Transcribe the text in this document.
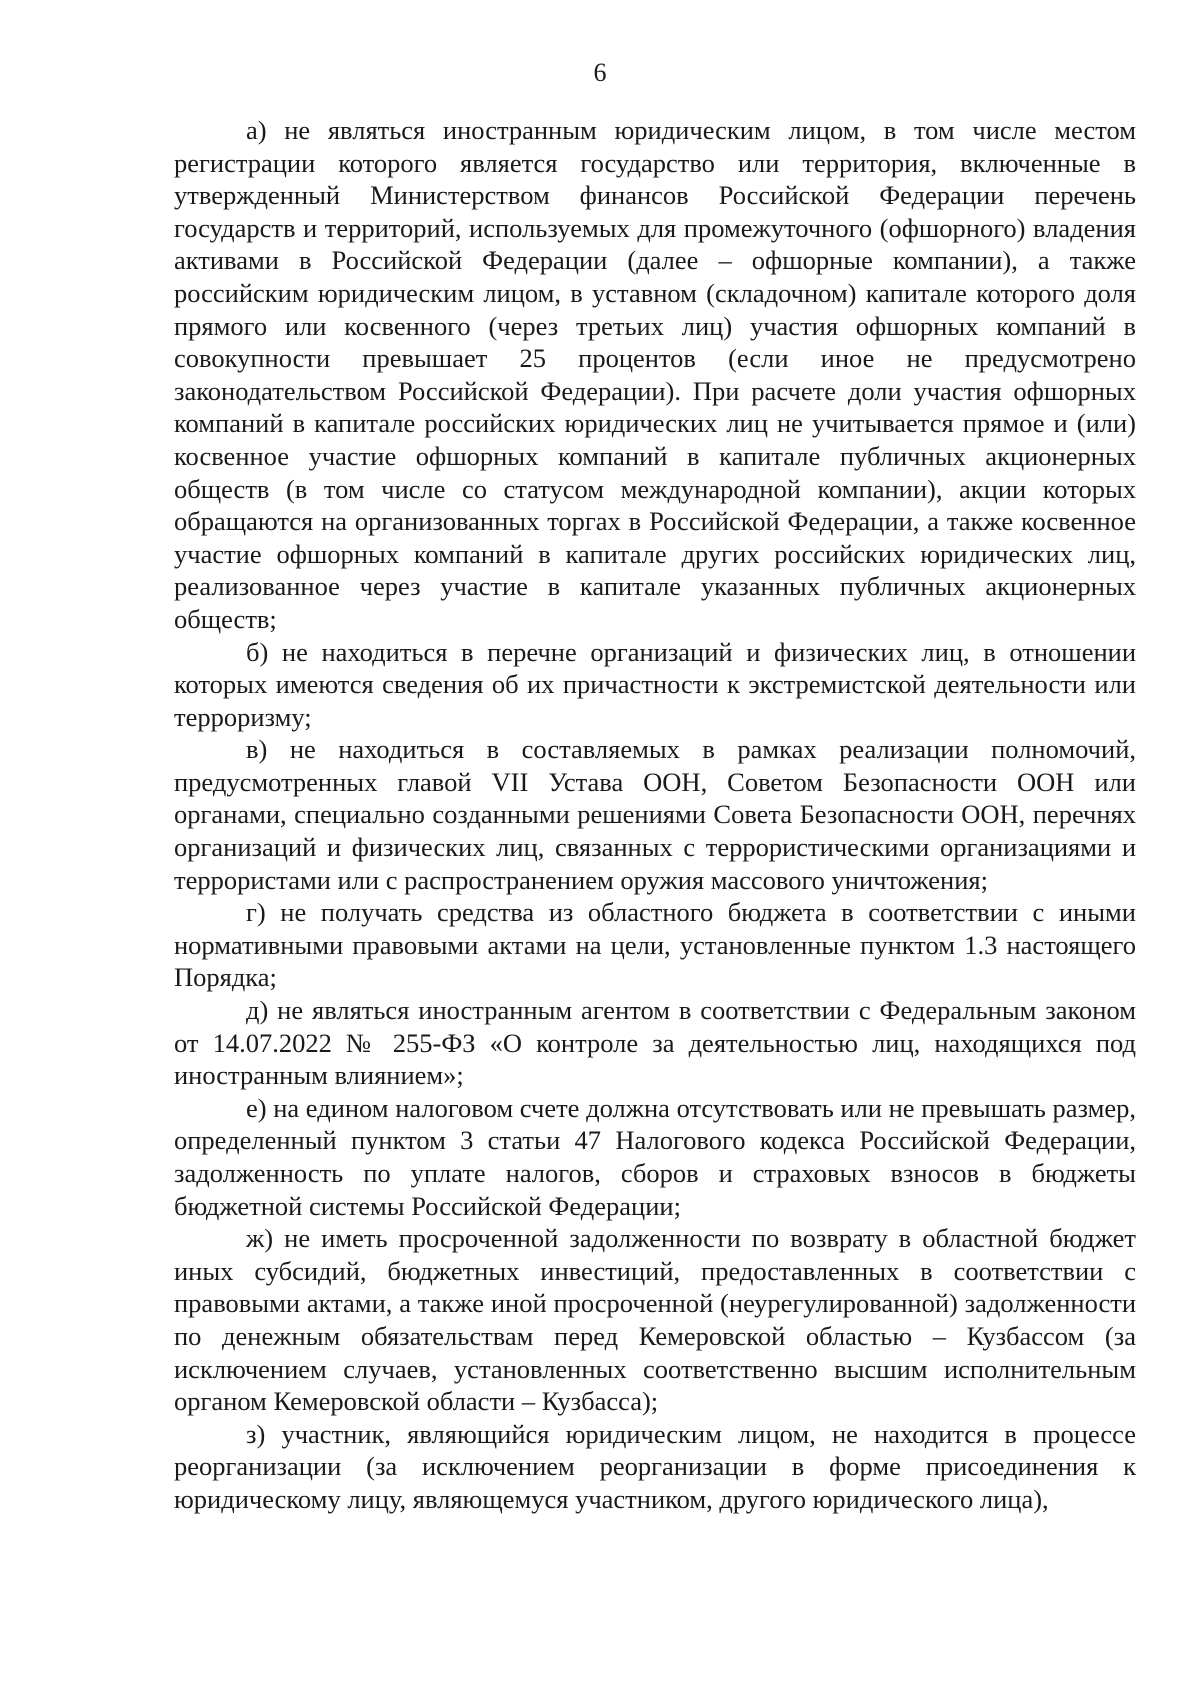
6

а) не являться иностранным юридическим лицом, в том числе местом регистрации которого является государство или территория, включенные в утвержденный Министерством финансов Российской Федерации перечень государств и территорий, используемых для промежуточного (офшорного) владения активами в Российской Федерации (далее – офшорные компании), а также российским юридическим лицом, в уставном (складочном) капитале которого доля прямого или косвенного (через третьих лиц) участия офшорных компаний в совокупности превышает 25 процентов (если иное не предусмотрено законодательством Российской Федерации). При расчете доли участия офшорных компаний в капитале российских юридических лиц не учитывается прямое и (или) косвенное участие офшорных компаний в капитале публичных акционерных обществ (в том числе со статусом международной компании), акции которых обращаются на организованных торгах в Российской Федерации, а также косвенное участие офшорных компаний в капитале других российских юридических лиц, реализованное через участие в капитале указанных публичных акционерных обществ;

б) не находиться в перечне организаций и физических лиц, в отношении которых имеются сведения об их причастности к экстремистской деятельности или терроризму;

в) не находиться в составляемых в рамках реализации полномочий, предусмотренных главой VII Устава ООН, Советом Безопасности ООН или органами, специально созданными решениями Совета Безопасности ООН, перечнях организаций и физических лиц, связанных с террористическими организациями и террористами или с распространением оружия массового уничтожения;

г) не получать средства из областного бюджета в соответствии с иными нормативными правовыми актами на цели, установленные пунктом 1.3 настоящего Порядка;

д) не являться иностранным агентом в соответствии с Федеральным законом от 14.07.2022 № 255-ФЗ «О контроле за деятельностью лиц, находящихся под иностранным влиянием»;

е) на едином налоговом счете должна отсутствовать или не превышать размер, определенный пунктом 3 статьи 47 Налогового кодекса Российской Федерации, задолженность по уплате налогов, сборов и страховых взносов в бюджеты бюджетной системы Российской Федерации;

ж) не иметь просроченной задолженности по возврату в областной бюджет иных субсидий, бюджетных инвестиций, предоставленных в соответствии с правовыми актами, а также иной просроченной (неурегулированной) задолженности по денежным обязательствам перед Кемеровской областью – Кузбассом (за исключением случаев, установленных соответственно высшим исполнительным органом Кемеровской области – Кузбасса);

з) участник, являющийся юридическим лицом, не находится в процессе реорганизации (за исключением реорганизации в форме присоединения к юридическому лицу, являющемуся участником, другого юридического лица),
